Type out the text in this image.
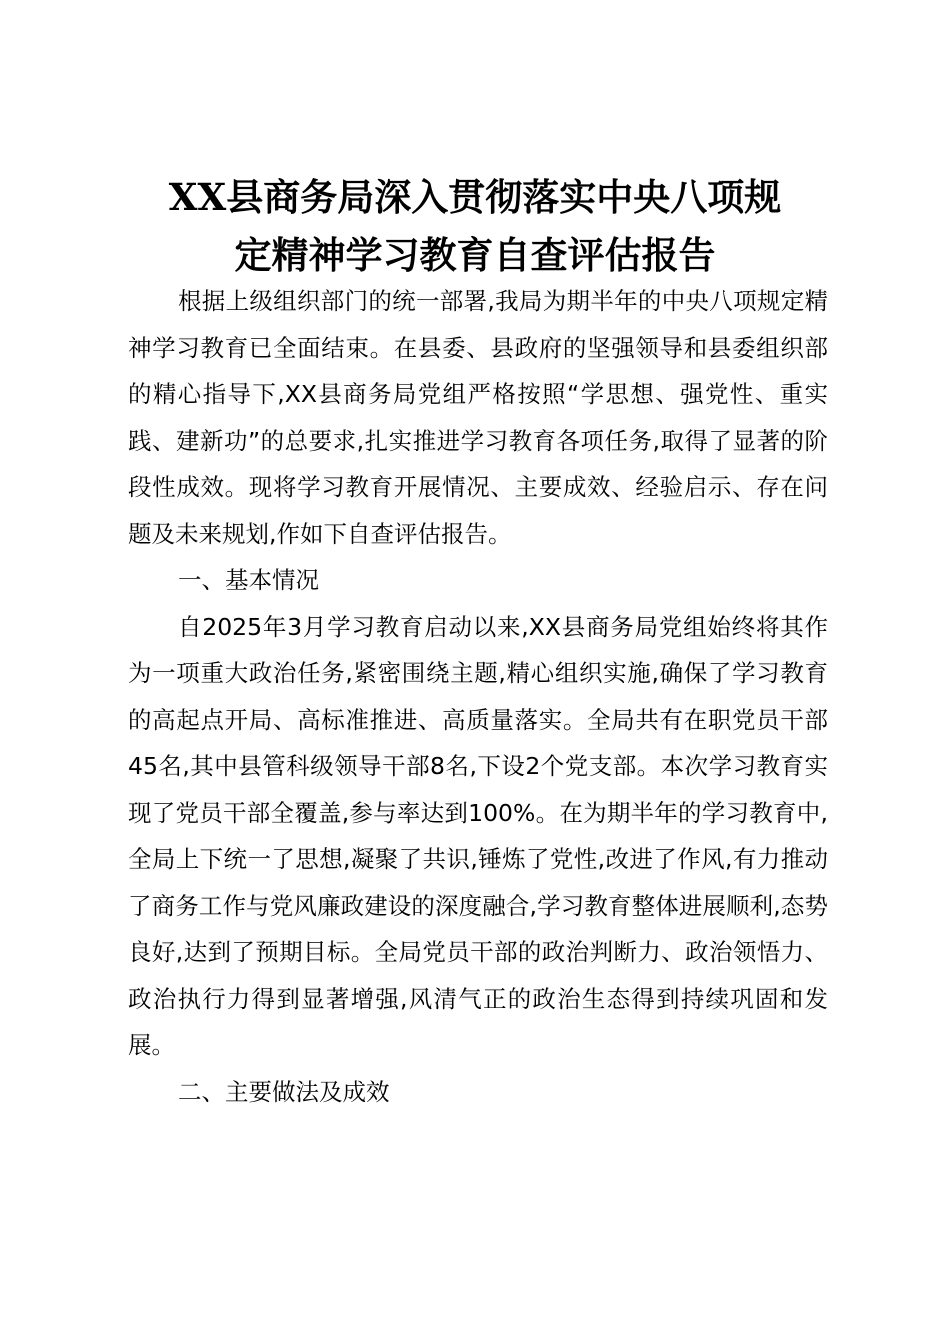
XX县商务局深入贯彻落实中央八项规
定精神学习教育自查评估报告

根据上级组织部门的统一部署,我局为期半年的中央八项规定精神学习教育已全面结束。在县委、县政府的坚强领导和县委组织部的精心指导下,XX县商务局党组严格按照“学思想、强党性、重实践、建新功”的总要求,扎实推进学习教育各项任务,取得了显著的阶段性成效。现将学习教育开展情况、主要成效、经验启示、存在问题及未来规划,作如下自查评估报告。

一、基本情况

自2025年3月学习教育启动以来,XX县商务局党组始终将其作为一项重大政治任务,紧密围绕主题,精心组织实施,确保了学习教育的高起点开局、高标准推进、高质量落实。全局共有在职党员干部45名,其中县管科级领导干部8名,下设2个党支部。本次学习教育实现了党员干部全覆盖,参与率达到100%。在为期半年的学习教育中,全局上下统一了思想,凝聚了共识,锤炼了党性,改进了作风,有力推动了商务工作与党风廉政建设的深度融合,学习教育整体进展顺利,态势良好,达到了预期目标。全局党员干部的政治判断力、政治领悟力、政治执行力得到显著增强,风清气正的政治生态得到持续巩固和发展。

二、主要做法及成效
